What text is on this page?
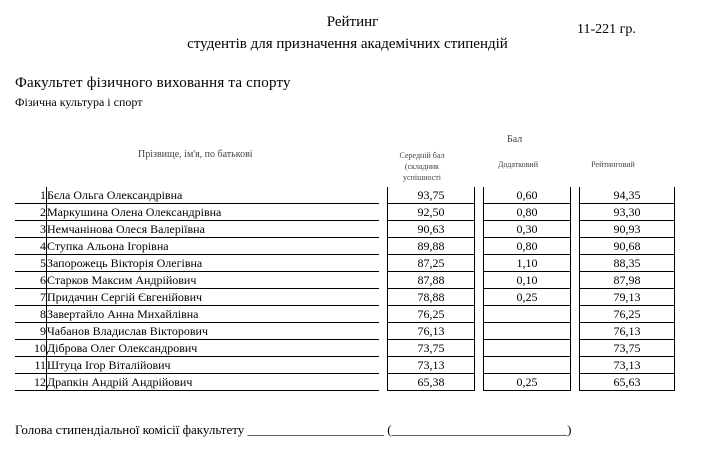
Рейтинг
студентів для призначення академічних стипендій
11-221 гр.
Факультет фізичного виховання та спорту
Фізична культура і спорт
Прізвище, ім'я, по батькові
Бал
Середній бал
(складник
успішності
Додатковий	Рейтинговий
1	Бєла Ольга Олександрівна		93,75		0,60		94,35
2	Маркушина Олена Олександрівна		92,50		0,80		93,30
3	Немчанінова Олеся Валеріївна		90,63		0,30		90,93
4	Ступка Альона Ігорівна		89,88		0,80		90,68
5	Запорожець Вікторія Олегівна		87,25		1,10		88,35
6	Старков Максим Андрійович		87,88		0,10		87,98
7	Придачин Сергій Євгенійович		78,88		0,25		79,13
8	Завертайло Анна Михайлівна		76,25				76,25
9	Чабанов Владислав Вікторович		76,13				76,13
10	Діброва Олег Олександрович		73,75				73,75
11	Штуца Ігор Віталійович		73,13				73,13
12	Драпкін Андрій Андрійович		65,38		0,25		65,63
Голова стипендіальної комісії факультету _____________________ (___________________________)
